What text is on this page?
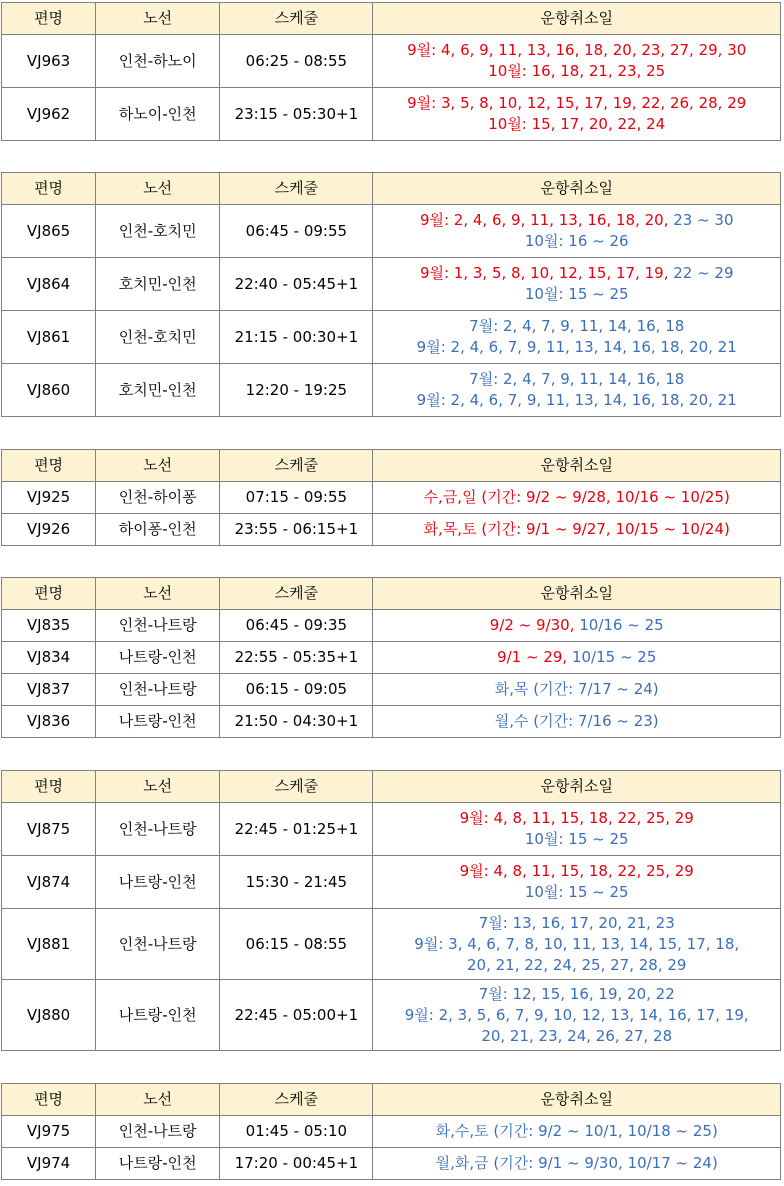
편명	노선	스케줄	운항취소일
VJ963	인천-하노이	06:25 - 08:55	9월: 4, 6, 9, 11, 13, 16, 18, 20, 23, 27, 29, 30
10월: 16, 18, 21, 23, 25

VJ962	하노이-인천	23:15 - 05:30+1	9월: 3, 5, 8, 10, 12, 15, 17, 19, 22, 26, 28, 29
10월: 15, 17, 20, 22, 24
편명	노선	스케줄	운항취소일
VJ865	인천-호치민	06:45 - 09:55	9월: 2, 4, 6, 9, 11, 13, 16, 18, 20, 23 ~ 30
10월: 16 ~ 26

VJ864	호치민-인천	22:40 - 05:45+1	9월: 1, 3, 5, 8, 10, 12, 15, 17, 19, 22 ~ 29
10월: 15 ~ 25

VJ861	인천-호치민	21:15 - 00:30+1	7월: 2, 4, 7, 9, 11, 14, 16, 18
9월: 2, 4, 6, 7, 9, 11, 13, 14, 16, 18, 20, 21

VJ860	호치민-인천	12:20 - 19:25	7월: 2, 4, 7, 9, 11, 14, 16, 18
9월: 2, 4, 6, 7, 9, 11, 13, 14, 16, 18, 20, 21
편명	노선	스케줄	운항취소일
VJ925	인천-하이퐁	07:15 - 09:55	수,금,일 (기간: 9/2 ~ 9/28, 10/16 ~ 10/25)

VJ926	하이퐁-인천	23:55 - 06:15+1	화,목,토 (기간: 9/1 ~ 9/27, 10/15 ~ 10/24)
편명	노선	스케줄	운항취소일
VJ835	인천-나트랑	06:45 - 09:35	9/2 ~ 9/30, 10/16 ~ 25

VJ834	나트랑-인천	22:55 - 05:35+1	9/1 ~ 29, 10/15 ~ 25

VJ837	인천-나트랑	06:15 - 09:05	화,목 (기간: 7/17 ~ 24)

VJ836	나트랑-인천	21:50 - 04:30+1	월,수 (기간: 7/16 ~ 23)
편명	노선	스케줄	운항취소일
VJ875	인천-나트랑	22:45 - 01:25+1	9월: 4, 8, 11, 15, 18, 22, 25, 29
10월: 15 ~ 25

VJ874	나트랑-인천	15:30 - 21:45	9월: 4, 8, 11, 15, 18, 22, 25, 29
10월: 15 ~ 25

VJ881	인천-나트랑	06:15 - 08:55	7월: 13, 16, 17, 20, 21, 23
9월: 3, 4, 6, 7, 8, 10, 11, 13, 14, 15, 17, 18,
20, 21, 22, 24, 25, 27, 28, 29

VJ880	나트랑-인천	22:45 - 05:00+1	7월: 12, 15, 16, 19, 20, 22
9월: 2, 3, 5, 6, 7, 9, 10, 12, 13, 14, 16, 17, 19,
20, 21, 23, 24, 26, 27, 28
편명	노선	스케줄	운항취소일
VJ975	인천-나트랑	01:45 - 05:10	화,수,토 (기간: 9/2 ~ 10/1, 10/18 ~ 25)

VJ974	나트랑-인천	17:20 - 00:45+1	월,화,금 (기간: 9/1 ~ 9/30, 10/17 ~ 24)
